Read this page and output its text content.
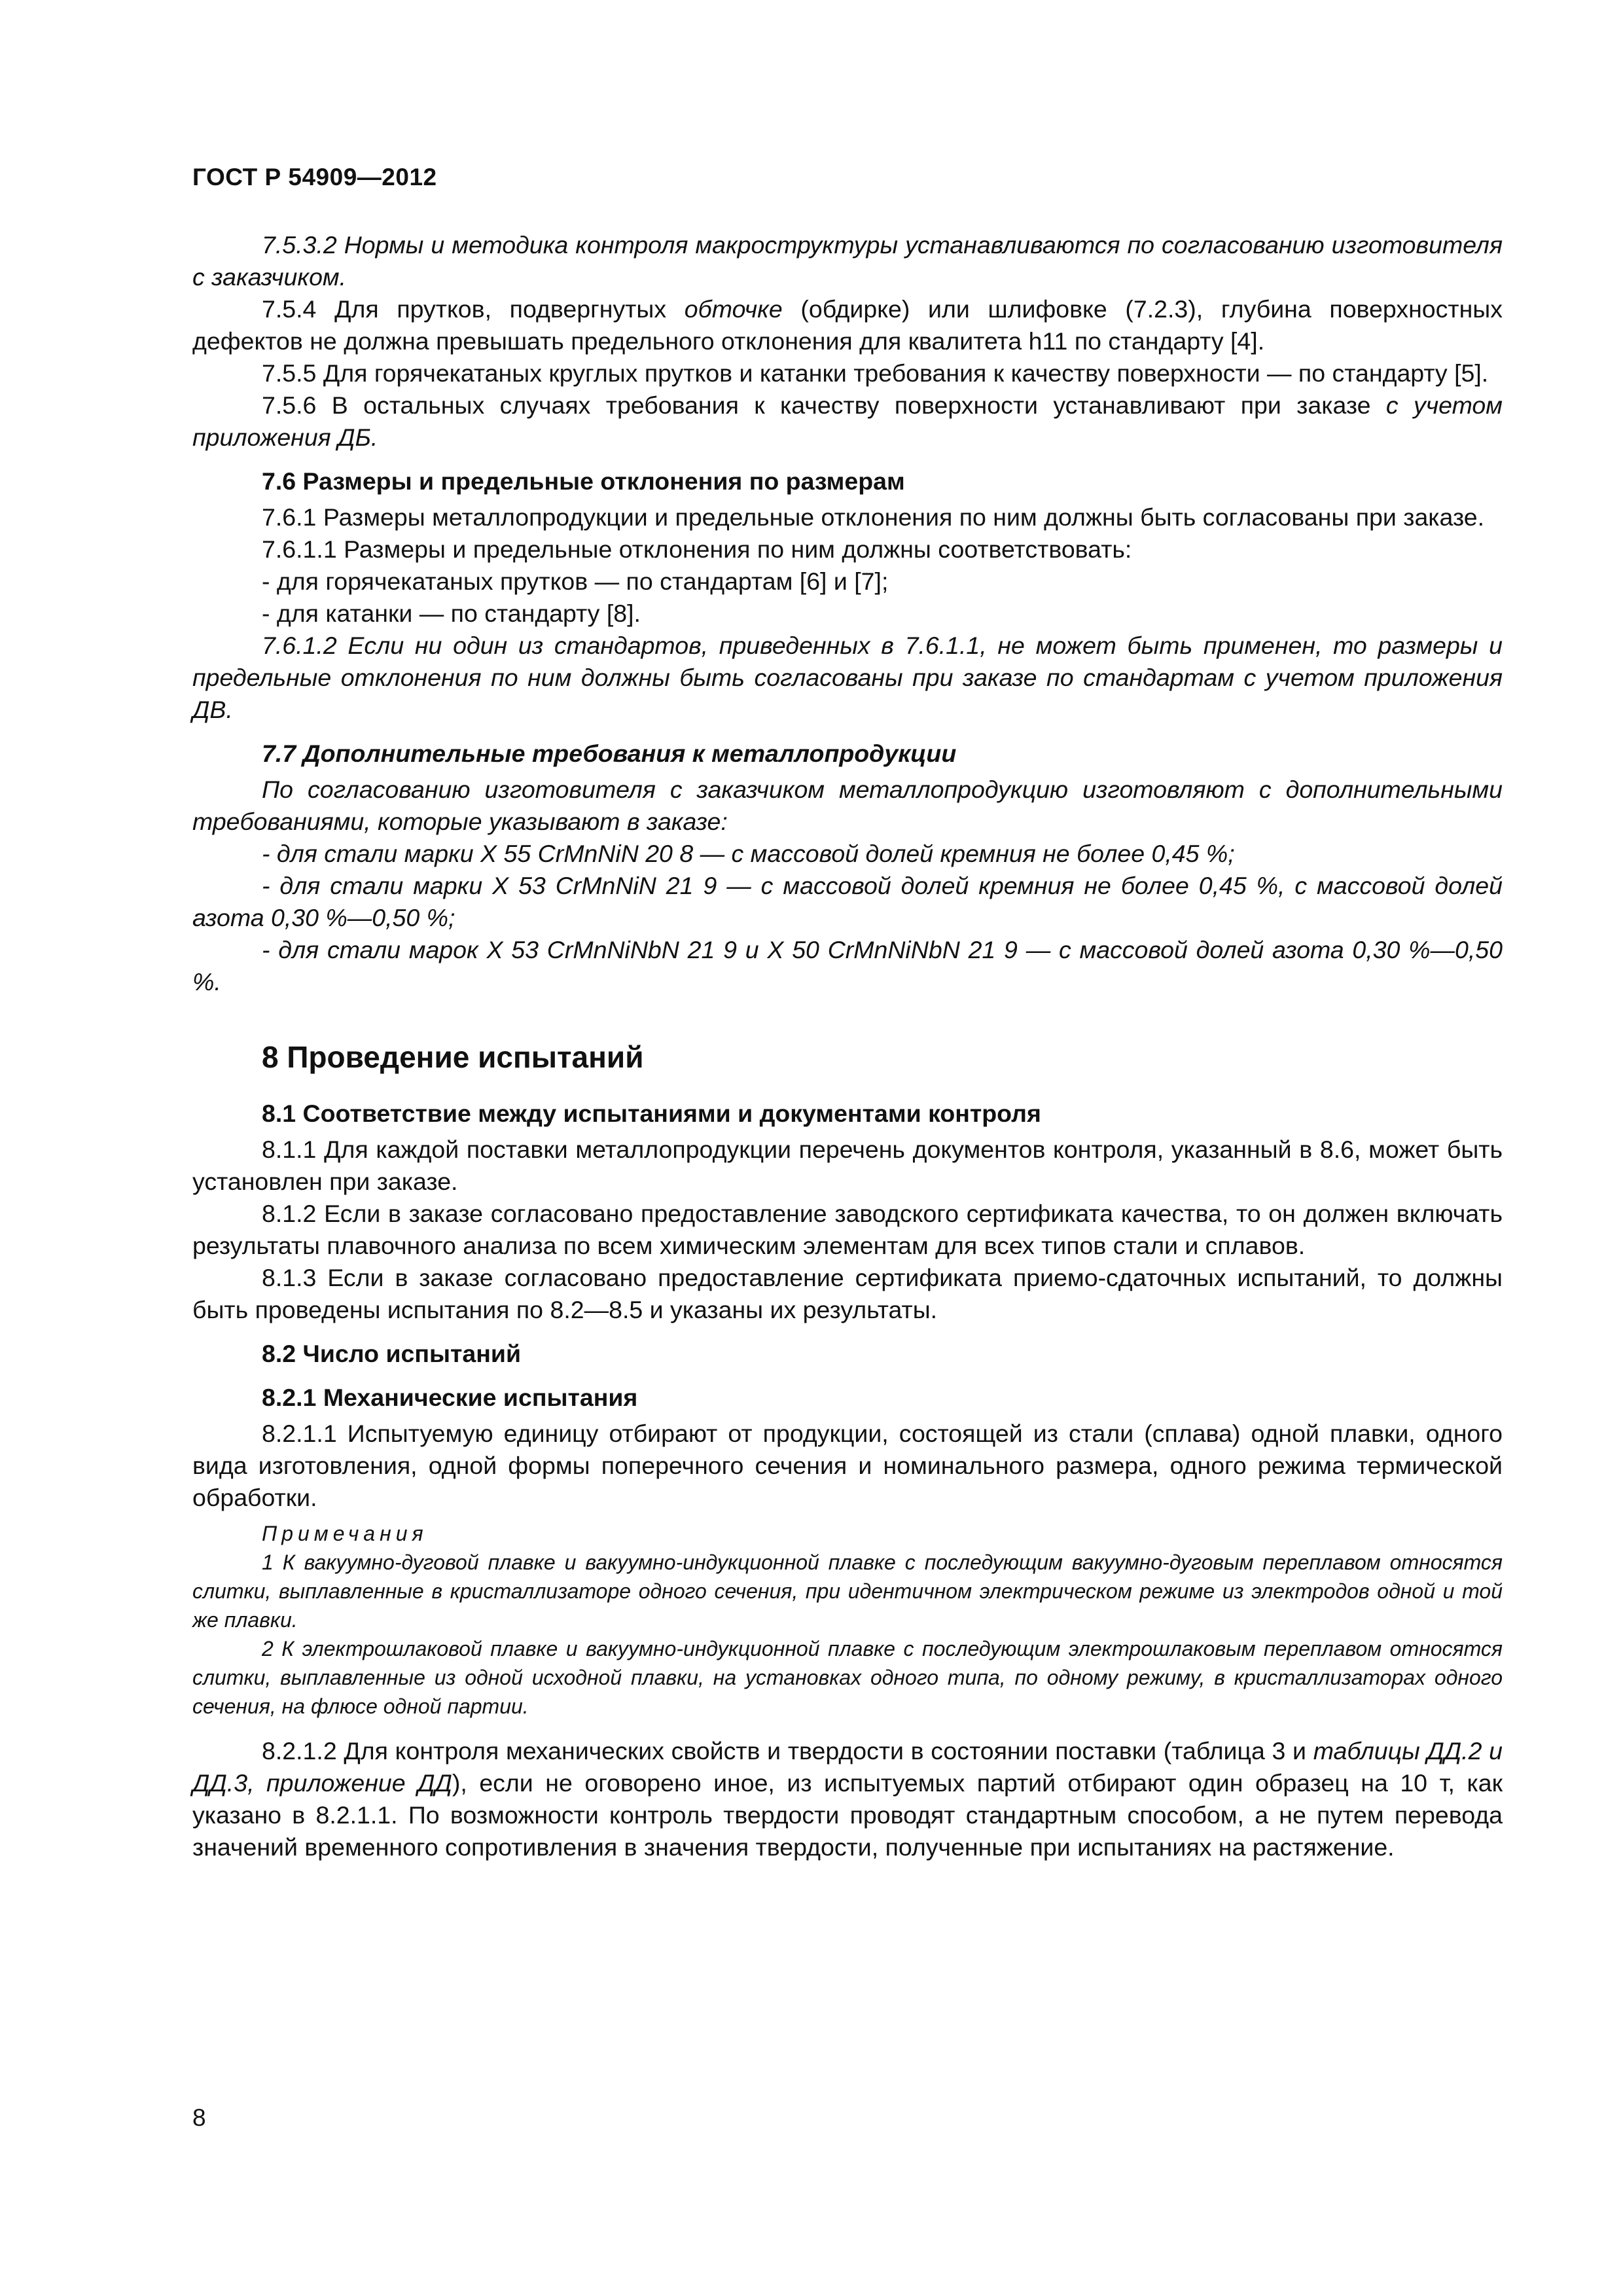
ГОСТ Р 54909—2012

7.5.3.2 Нормы и методика контроля макроструктуры устанавливаются по согласованию изготовителя с заказчиком.

7.5.4 Для прутков, подвергнутых обточке (обдирке) или шлифовке (7.2.3), глубина поверхностных дефектов не должна превышать предельного отклонения для квалитета h11 по стандарту [4].

7.5.5 Для горячекатаных круглых прутков и катанки требования к качеству поверхности — по стандарту [5].

7.5.6 В остальных случаях требования к качеству поверхности устанавливают при заказе с учетом приложения ДБ.

7.6 Размеры и предельные отклонения по размерам

7.6.1 Размеры металлопродукции и предельные отклонения по ним должны быть согласованы при заказе.

7.6.1.1 Размеры и предельные отклонения по ним должны соответствовать:

- для горячекатаных прутков — по стандартам [6] и [7];

- для катанки — по стандарту [8].

7.6.1.2 Если ни один из стандартов, приведенных в 7.6.1.1, не может быть применен, то размеры и предельные отклонения по ним должны быть согласованы при заказе по стандартам с учетом приложения ДВ.

7.7 Дополнительные требования к металлопродукции

По согласованию изготовителя с заказчиком металлопродукцию изготовляют с дополнительными требованиями, которые указывают в заказе:

- для стали марки X 55 CrMnNiN 20 8 — с массовой долей кремния не более 0,45 %;

- для стали марки X 53 CrMnNiN 21 9 — с массовой долей кремния не более 0,45 %, с массовой долей азота 0,30 %—0,50 %;

- для стали марок X 53 CrMnNiNbN 21 9 и X 50 CrMnNiNbN 21 9 — с массовой долей азота 0,30 %—0,50 %.

8 Проведение испытаний
8.1 Соответствие между испытаниями и документами контроля

8.1.1 Для каждой поставки металлопродукции перечень документов контроля, указанный в 8.6, может быть установлен при заказе.

8.1.2 Если в заказе согласовано предоставление заводского сертификата качества, то он должен включать результаты плавочного анализа по всем химическим элементам для всех типов стали и сплавов.

8.1.3 Если в заказе согласовано предоставление сертификата приемо-сдаточных испытаний, то должны быть проведены испытания по 8.2—8.5 и указаны их результаты.

8.2 Число испытаний
8.2.1 Механические испытания

8.2.1.1 Испытуемую единицу отбирают от продукции, состоящей из стали (сплава) одной плавки, одного вида изготовления, одной формы поперечного сечения и номинального размера, одного режима термической обработки.

Примечания

1 К вакуумно-дуговой плавке и вакуумно-индукционной плавке с последующим вакуумно-дуговым переплавом относятся слитки, выплавленные в кристаллизаторе одного сечения, при идентичном электрическом режиме из электродов одной и той же плавки.

2 К электрошлаковой плавке и вакуумно-индукционной плавке с последующим электрошлаковым переплавом относятся слитки, выплавленные из одной исходной плавки, на установках одного типа, по одному режиму, в кристаллизаторах одного сечения, на флюсе одной партии.

8.2.1.2 Для контроля механических свойств и твердости в состоянии поставки (таблица 3 и таблицы ДД.2 и ДД.3, приложение ДД), если не оговорено иное, из испытуемых партий отбирают один образец на 10 т, как указано в 8.2.1.1. По возможности контроль твердости проводят стандартным способом, а не путем перевода значений временного сопротивления в значения твердости, полученные при испытаниях на растяжение.

8
